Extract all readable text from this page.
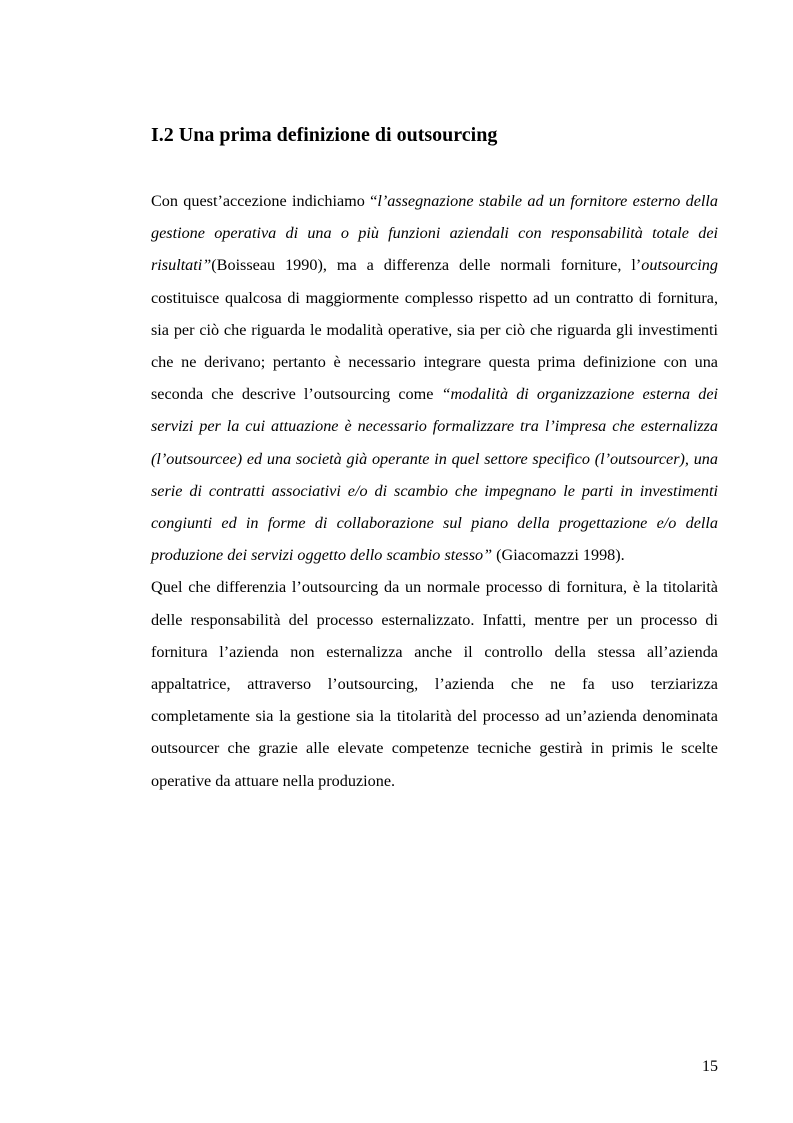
I.2 Una prima definizione di outsourcing

Con quest’accezione indichiamo “l’assegnazione stabile ad un fornitore esterno della gestione operativa di una o più funzioni aziendali con responsabilità totale dei risultati”(Boisseau 1990), ma a differenza delle normali forniture, l’outsourcing costituisce qualcosa di maggiormente complesso rispetto ad un contratto di fornitura, sia per ciò che riguarda le modalità operative, sia per ciò che riguarda gli investimenti che ne derivano; pertanto è necessario integrare questa prima definizione con una seconda che descrive l’outsourcing come “modalità di organizzazione esterna dei servizi per la cui attuazione è necessario formalizzare tra l’impresa che esternalizza (l’outsourcee) ed una società già operante in quel settore specifico (l’outsourcer), una serie di contratti associativi e/o di scambio che impegnano le parti in investimenti congiunti ed in forme di collaborazione sul piano della progettazione e/o della produzione dei servizi oggetto dello scambio stesso” (Giacomazzi 1998).

Quel che differenzia l’outsourcing da un normale processo di fornitura, è la titolarità delle responsabilità del processo esternalizzato. Infatti, mentre per un processo di fornitura l’azienda non esternalizza anche il controllo della stessa all’azienda appaltatrice, attraverso l’outsourcing, l’azienda che ne fa uso terziarizza completamente sia la gestione sia la titolarità del processo ad un’azienda denominata outsourcer che grazie alle elevate competenze tecniche gestirà in primis le scelte operative da attuare nella produzione.

15
